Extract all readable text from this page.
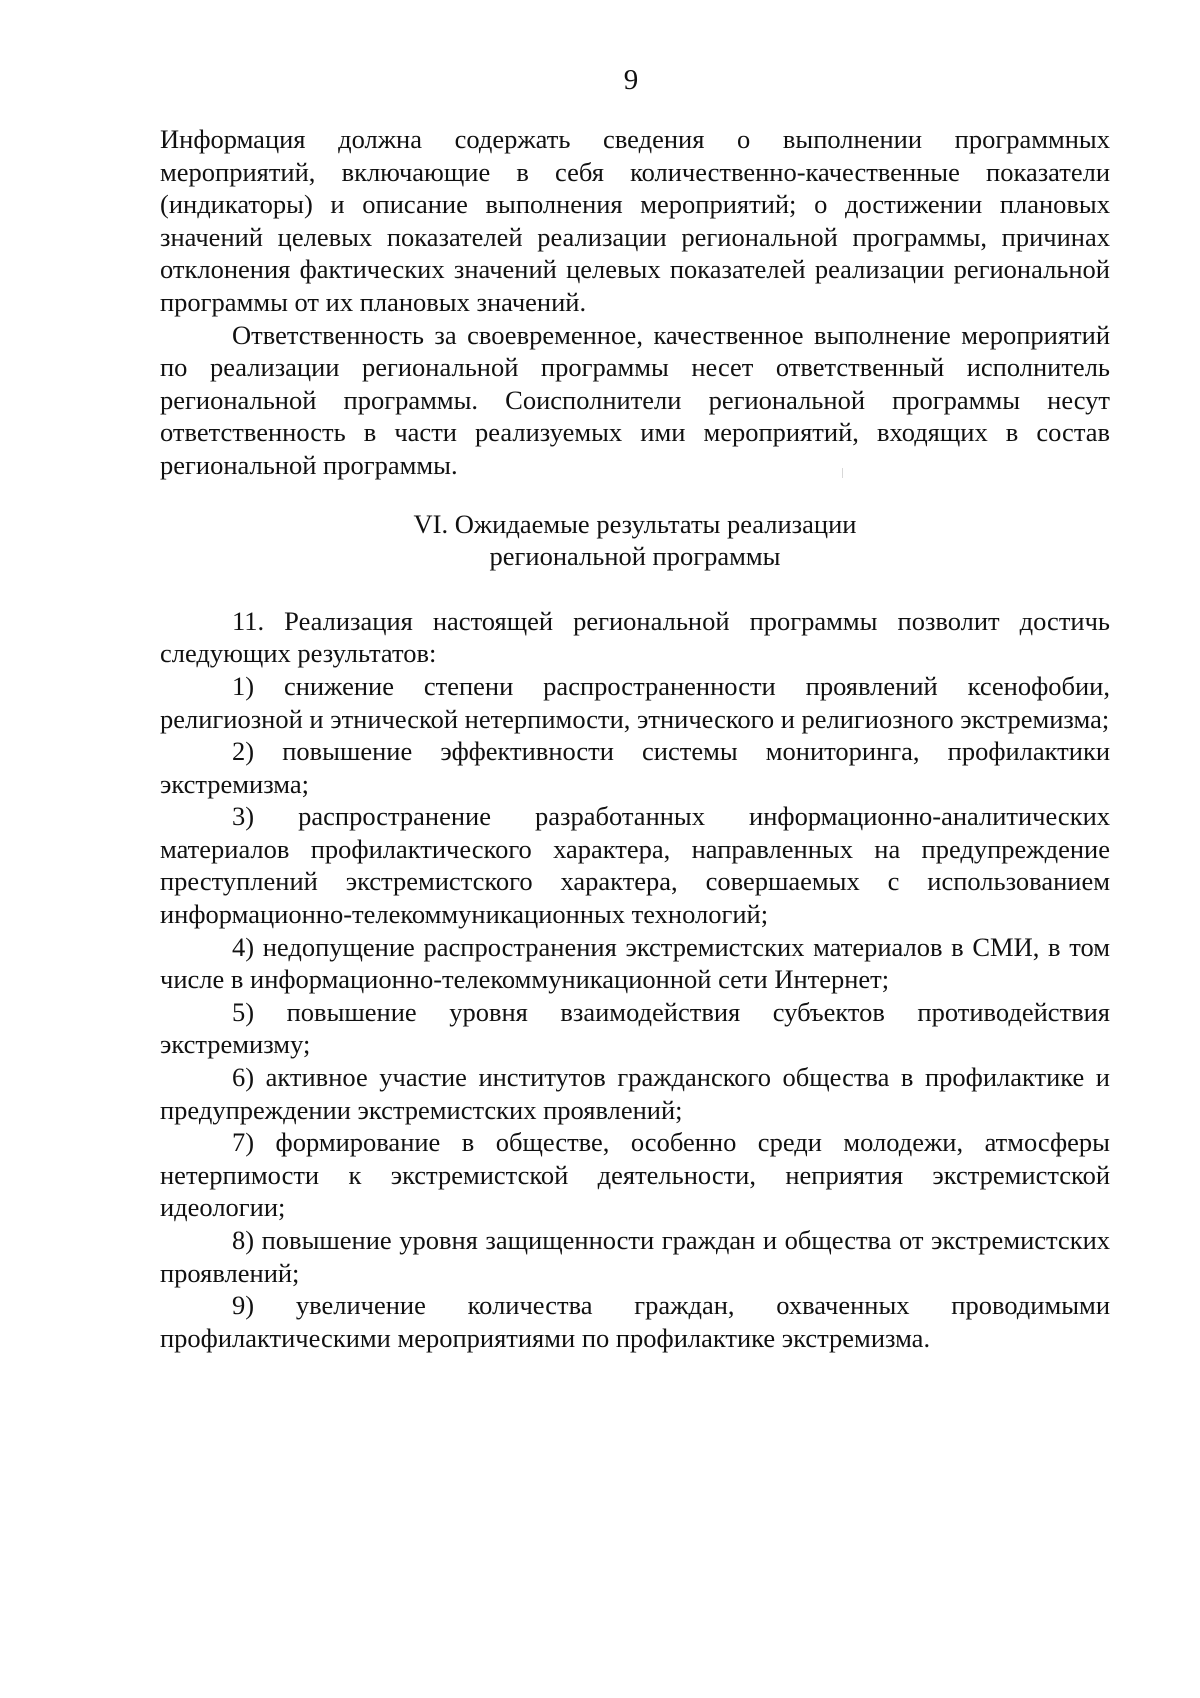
9

Информация должна содержать сведения о выполнении программных мероприятий, включающие в себя количественно-качественные показатели (индикаторы) и описание выполнения мероприятий; о достижении плановых значений целевых показателей реализации региональной программы, причинах отклонения фактических значений целевых показателей реализации региональной программы от их плановых значений.

Ответственность за своевременное, качественное выполнение мероприятий по реализации региональной программы несет ответственный исполнитель региональной программы. Соисполнители региональной программы несут ответственность в части реализуемых ими мероприятий, входящих в состав региональной программы.

VI. Ожидаемые результаты реализации
региональной программы

11. Реализация настоящей региональной программы позволит достичь следующих результатов:

1) снижение степени распространенности проявлений ксенофобии, религиозной и этнической нетерпимости, этнического и религиозного экстремизма;

2) повышение эффективности системы мониторинга, профилактики экстремизма;

3) распространение разработанных информационно-аналитических материалов профилактического характера, направленных на предупреждение преступлений экстремистского характера, совершаемых с использованием информационно-телекоммуникационных технологий;

4) недопущение распространения экстремистских материалов в СМИ, в том числе в информационно-телекоммуникационной сети Интернет;

5) повышение уровня взаимодействия субъектов противодействия экстремизму;

6) активное участие институтов гражданского общества в профилактике и предупреждении экстремистских проявлений;

7) формирование в обществе, особенно среди молодежи, атмосферы нетерпимости к экстремистской деятельности, неприятия экстремистской идеологии;

8) повышение уровня защищенности граждан и общества от экстремистских проявлений;

9) увеличение количества граждан, охваченных проводимыми профилактическими мероприятиями по профилактике экстремизма.
